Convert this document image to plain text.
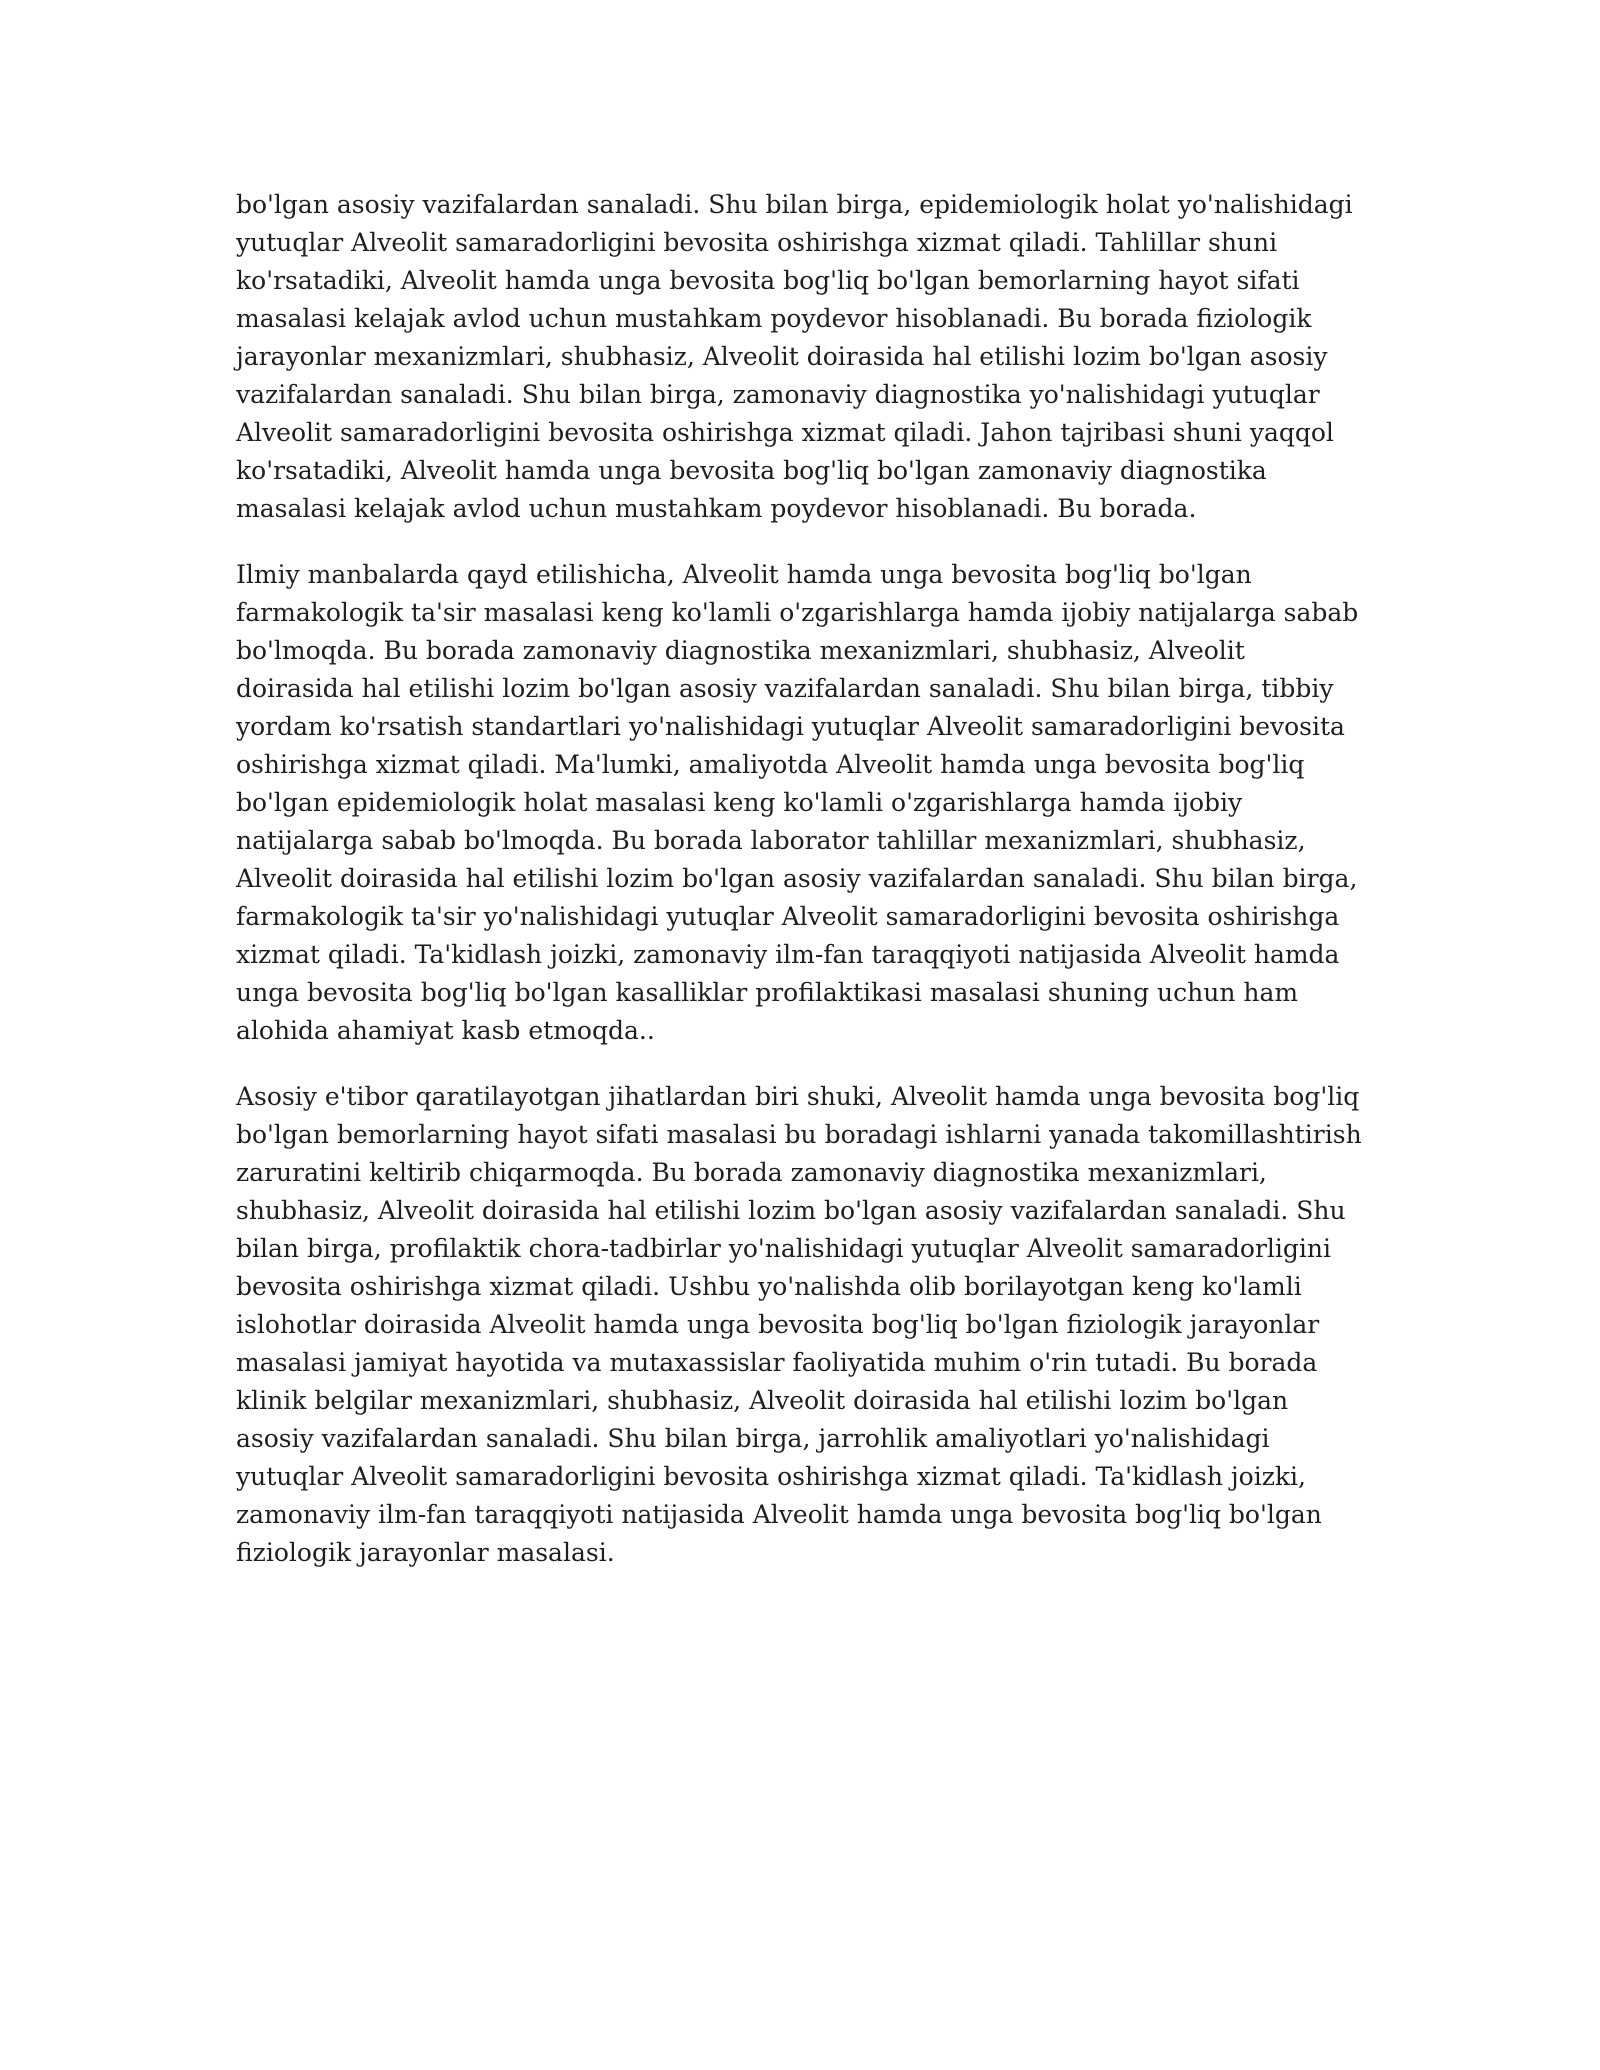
bo'lgan asosiy vazifalardan sanaladi. Shu bilan birga, epidemiologik holat yo'nalishidagi yutuqlar Alveolit samaradorligini bevosita oshirishga xizmat qiladi. Tahlillar shuni ko'rsatadiki, Alveolit hamda unga bevosita bog'liq bo'lgan bemorlarning hayot sifati masalasi kelajak avlod uchun mustahkam poydevor hisoblanadi. Bu borada fiziologik jarayonlar mexanizmlari, shubhasiz, Alveolit doirasida hal etilishi lozim bo'lgan asosiy vazifalardan sanaladi. Shu bilan birga, zamonaviy diagnostika yo'nalishidagi yutuqlar Alveolit samaradorligini bevosita oshirishga xizmat qiladi. Jahon tajribasi shuni yaqqol ko'rsatadiki, Alveolit hamda unga bevosita bog'liq bo'lgan zamonaviy diagnostika masalasi kelajak avlod uchun mustahkam poydevor hisoblanadi. Bu borada.

Ilmiy manbalarda qayd etilishicha, Alveolit hamda unga bevosita bog'liq bo'lgan farmakologik ta'sir masalasi keng ko'lamli o'zgarishlarga hamda ijobiy natijalarga sabab bo'lmoqda. Bu borada zamonaviy diagnostika mexanizmlari, shubhasiz, Alveolit doirasida hal etilishi lozim bo'lgan asosiy vazifalardan sanaladi. Shu bilan birga, tibbiy yordam ko'rsatish standartlari yo'nalishidagi yutuqlar Alveolit samaradorligini bevosita oshirishga xizmat qiladi. Ma'lumki, amaliyotda Alveolit hamda unga bevosita bog'liq bo'lgan epidemiologik holat masalasi keng ko'lamli o'zgarishlarga hamda ijobiy natijalarga sabab bo'lmoqda. Bu borada laborator tahlillar mexanizmlari, shubhasiz, Alveolit doirasida hal etilishi lozim bo'lgan asosiy vazifalardan sanaladi. Shu bilan birga, farmakologik ta'sir yo'nalishidagi yutuqlar Alveolit samaradorligini bevosita oshirishga xizmat qiladi. Ta'kidlash joizki, zamonaviy ilm-fan taraqqiyoti natijasida Alveolit hamda unga bevosita bog'liq bo'lgan kasalliklar profilaktikasi masalasi shuning uchun ham alohida ahamiyat kasb etmoqda..

Asosiy e'tibor qaratilayotgan jihatlardan biri shuki, Alveolit hamda unga bevosita bog'liq bo'lgan bemorlarning hayot sifati masalasi bu boradagi ishlarni yanada takomillashtirish zaruratini keltirib chiqarmoqda. Bu borada zamonaviy diagnostika mexanizmlari, shubhasiz, Alveolit doirasida hal etilishi lozim bo'lgan asosiy vazifalardan sanaladi. Shu bilan birga, profilaktik chora-tadbirlar yo'nalishidagi yutuqlar Alveolit samaradorligini bevosita oshirishga xizmat qiladi. Ushbu yo'nalishda olib borilayotgan keng ko'lamli islohotlar doirasida Alveolit hamda unga bevosita bog'liq bo'lgan fiziologik jarayonlar masalasi jamiyat hayotida va mutaxassislar faoliyatida muhim o'rin tutadi. Bu borada klinik belgilar mexanizmlari, shubhasiz, Alveolit doirasida hal etilishi lozim bo'lgan asosiy vazifalardan sanaladi. Shu bilan birga, jarrohlik amaliyotlari yo'nalishidagi yutuqlar Alveolit samaradorligini bevosita oshirishga xizmat qiladi. Ta'kidlash joizki, zamonaviy ilm-fan taraqqiyoti natijasida Alveolit hamda unga bevosita bog'liq bo'lgan fiziologik jarayonlar masalasi.
